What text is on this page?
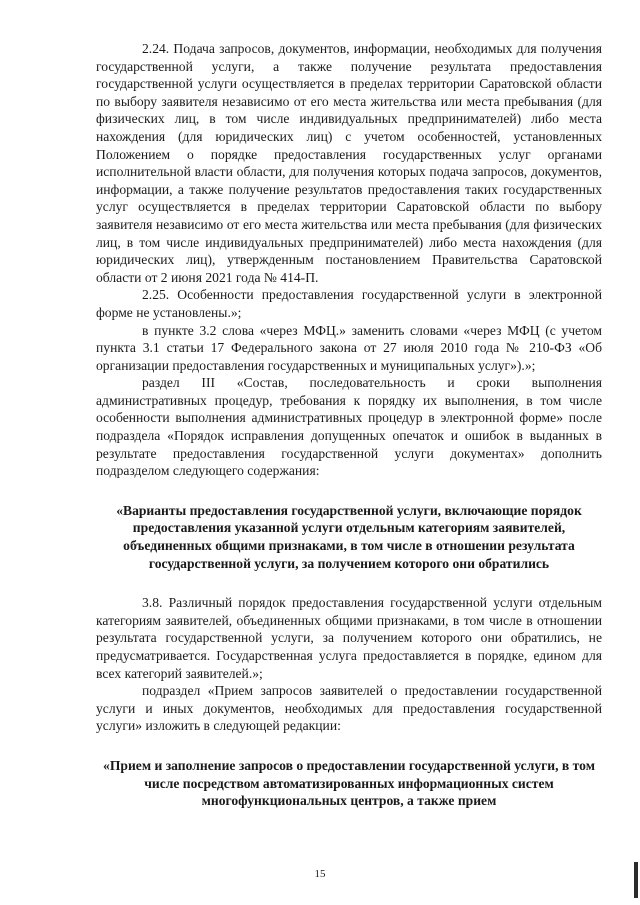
2.24. Подача запросов, документов, информации, необходимых для получения государственной услуги, а также получение результата предоставления государственной услуги осуществляется в пределах территории Саратовской области по выбору заявителя независимо от его места жительства или места пребывания (для физических лиц, в том числе индивидуальных предпринимателей) либо места нахождения (для юридических лиц) с учетом особенностей, установленных Положением о порядке предоставления государственных услуг органами исполнительной власти области, для получения которых подача запросов, документов, информации, а также получение результатов предоставления таких государственных услуг осуществляется в пределах территории Саратовской области по выбору заявителя независимо от его места жительства или места пребывания (для физических лиц, в том числе индивидуальных предпринимателей) либо места нахождения (для юридических лиц), утвержденным постановлением Правительства Саратовской области от 2 июня 2021 года № 414-П.

2.25. Особенности предоставления государственной услуги в электронной форме не установлены.»;

в пункте 3.2 слова «через МФЦ.» заменить словами «через МФЦ (с учетом пункта 3.1 статьи 17 Федерального закона от 27 июля 2010 года № 210-ФЗ «Об организации предоставления государственных и муниципальных услуг»).»;

раздел III «Состав, последовательность и сроки выполнения административных процедур, требования к порядку их выполнения, в том числе особенности выполнения административных процедур в электронной форме» после подраздела «Порядок исправления допущенных опечаток и ошибок в выданных в результате предоставления государственной услуги документах» дополнить подразделом следующего содержания:

«Варианты предоставления государственной услуги, включающие порядок предоставления указанной услуги отдельным категориям заявителей, объединенных общими признаками, в том числе в отношении результата государственной услуги, за получением которого они обратились

3.8. Различный порядок предоставления государственной услуги отдельным категориям заявителей, объединенных общими признаками, в том числе в отношении результата государственной услуги, за получением которого они обратились, не предусматривается. Государственная услуга предоставляется в порядке, едином для всех категорий заявителей.»;

подраздел «Прием запросов заявителей о предоставлении государственной услуги и иных документов, необходимых для предоставления государственной услуги» изложить в следующей редакции:

«Прием и заполнение запросов о предоставлении государственной услуги, в том числе посредством автоматизированных информационных систем многофункциональных центров, а также прием

15
